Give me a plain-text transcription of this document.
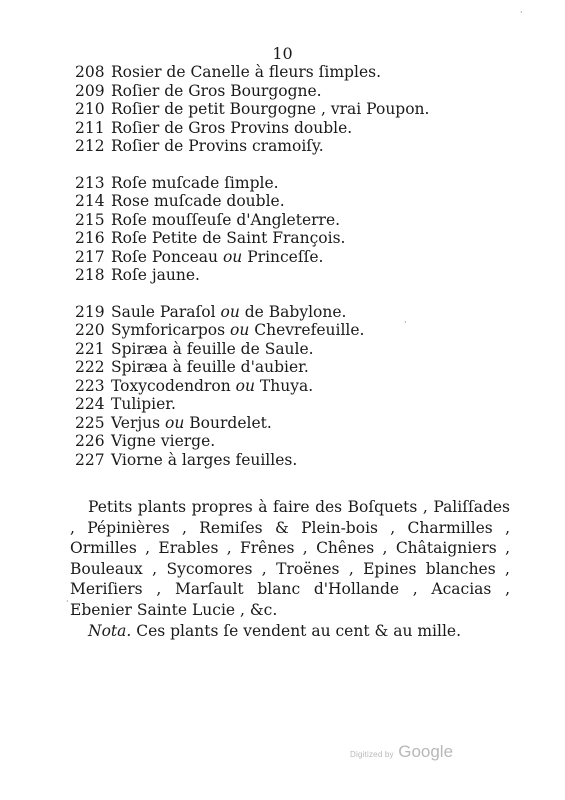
10
208 Rosier de Canelle à fleurs ſimples.
209 Roſier de Gros Bourgogne.
210 Roſier de petit Bourgogne , vrai Poupon.
211 Roſier de Gros Provins double.
212 Roſier de Provins cramoiſy.
213 Roſe muſcade ſimple.
214 Rose muſcade double.
215 Roſe mouſſeuſe d'Angleterre.
216 Roſe Petite de Saint François.
217 Roſe Ponceau ou Princeſſe.
218 Roſe jaune.
219 Saule Paraſol ou de Babylone.
220 Symforicarpos ou Chevrefeuille.
221 Spiræa à feuille de Saule.
222 Spiræa à feuille d'aubier.
223 Toxycodendron ou Thuya.
224 Tulipier.
225 Verjus ou Bourdelet.
226 Vigne vierge.
227 Viorne à larges feuilles.

Petits plants propres à faire des Boſquets , Paliſſades , Pépinières , Remiſes & Plein-bois , Charmilles , Ormilles , Erables , Frênes , Chênes , Châtaigniers , Bouleaux , Sycomores , Troënes , Epines blanches , Meriſiers , Marſault blanc d'Hollande , Acacias , Ebenier Sainte Lucie , &c.

Nota. Ces plants ſe vendent au cent & au mille.
Digitized by Google
·
·
·
